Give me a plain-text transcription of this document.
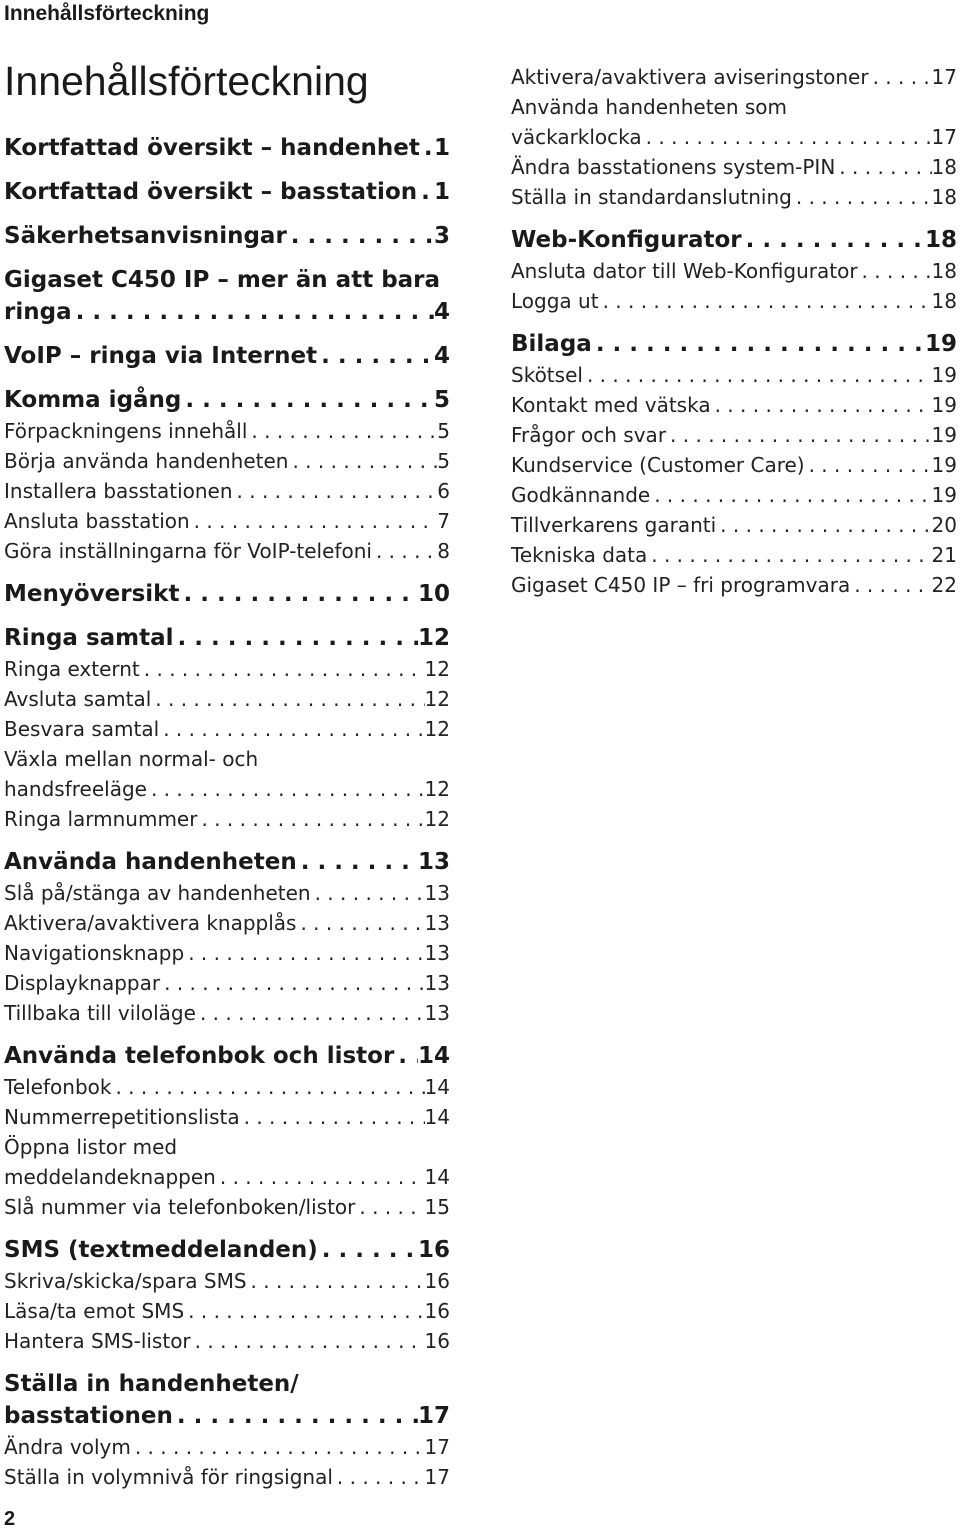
Innehållsförteckning
Innehållsförteckning
Kortfattad översikt – handenhet . . . 1
Kortfattad översikt – basstation . . . 1
Säkerhetsanvisningar . . .	3
Gigaset C450 IP – mer än att bara
ringa . . .	4
VoIP – ringa via Internet . . .	4
Komma igång . . .	5
Förpackningens innehåll . . .	5
Börja använda handenheten . . .	5
Installera basstationen . . .	6
Ansluta basstation . . .	7
Göra inställningarna för VoIP-telefoni . . .	8
Menyöversikt . . .	10
Ringa samtal . . .	12
Ringa externt . . .	12
Avsluta samtal . . .	12
Besvara samtal . . .	12
Växla mellan normal- och
handsfreeläge . . .	12
Ringa larmnummer . . .	12
Använda handenheten . . .	13
Slå på/stänga av handenheten . . .	13
Aktivera/avaktivera knapplås . . .	13
Navigationsknapp . . .	13
Displayknappar . . .	13
Tillbaka till viloläge . . .	13
Använda telefonbok och listor . . . 14
Telefonbok . . .	14
Nummerrepetitionslista . . .	14
Öppna listor med
meddelandeknappen . . .	14
Slå nummer via telefonboken/listor . . .	15
SMS (textmeddelanden) . . .	16
Skriva/skicka/spara SMS . . .	16
Läsa/ta emot SMS . . .	16
Hantera SMS-listor . . .	16
Ställa in handenheten/
basstationen . . .	17
Ändra volym . . .	17
Ställa in volymnivå för ringsignal . . .	17
Aktivera/avaktivera aviseringstoner . . .	17
Använda handenheten som
väckarklocka . . .	17
Ändra basstationens system-PIN . . .	18
Ställa in standardanslutning . . .	18
Web-Konfigurator . . .	18
Ansluta dator till Web-Konfigurator . . .	18
Logga ut . . .	18
Bilaga . . .	19
Skötsel . . .	19
Kontakt med vätska . . .	19
Frågor och svar . . .	19
Kundservice (Customer Care) . . .	19
Godkännande . . .	19
Tillverkarens garanti . . .	20
Tekniska data . . .	21
Gigaset C450 IP – fri programvara . . .	22
2
